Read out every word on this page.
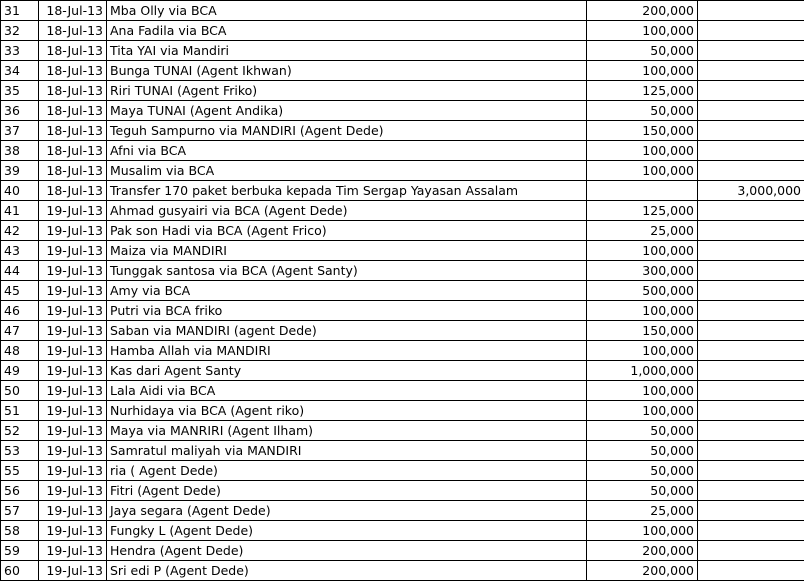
31	18-Jul-13	Mba Olly via BCA	200,000	
32	18-Jul-13	Ana Fadila via BCA	100,000	
33	18-Jul-13	Tita YAI via Mandiri	50,000	
34	18-Jul-13	Bunga TUNAI (Agent Ikhwan)	100,000	
35	18-Jul-13	Riri TUNAI (Agent Friko)	125,000	
36	18-Jul-13	Maya TUNAI (Agent Andika)	50,000	
37	18-Jul-13	Teguh Sampurno via MANDIRI (Agent Dede)	150,000	
38	18-Jul-13	Afni via BCA	100,000	
39	18-Jul-13	Musalim via BCA	100,000	
40	18-Jul-13	Transfer 170 paket berbuka kepada Tim Sergap Yayasan Assalam		3,000,000
41	19-Jul-13	Ahmad gusyairi via BCA (Agent Dede)	125,000	
42	19-Jul-13	Pak son Hadi via BCA (Agent Frico)	25,000	
43	19-Jul-13	Maiza via MANDIRI	100,000	
44	19-Jul-13	Tunggak santosa via BCA (Agent Santy)	300,000	
45	19-Jul-13	Amy via BCA	500,000	
46	19-Jul-13	Putri via BCA friko	100,000	
47	19-Jul-13	Saban via MANDIRI (agent Dede)	150,000	
48	19-Jul-13	Hamba Allah via MANDIRI	100,000	
49	19-Jul-13	Kas dari Agent Santy	1,000,000	
50	19-Jul-13	Lala Aidi via BCA	100,000	
51	19-Jul-13	Nurhidaya via BCA (Agent riko)	100,000	
52	19-Jul-13	Maya via MANRIRI (Agent Ilham)	50,000	
53	19-Jul-13	Samratul maliyah via MANDIRI	50,000	
55	19-Jul-13	ria ( Agent Dede)	50,000	
56	19-Jul-13	Fitri (Agent Dede)	50,000	
57	19-Jul-13	Jaya segara (Agent Dede)	25,000	
58	19-Jul-13	Fungky L (Agent Dede)	100,000	
59	19-Jul-13	Hendra (Agent Dede)	200,000	
60	19-Jul-13	Sri edi P (Agent Dede)	200,000	
